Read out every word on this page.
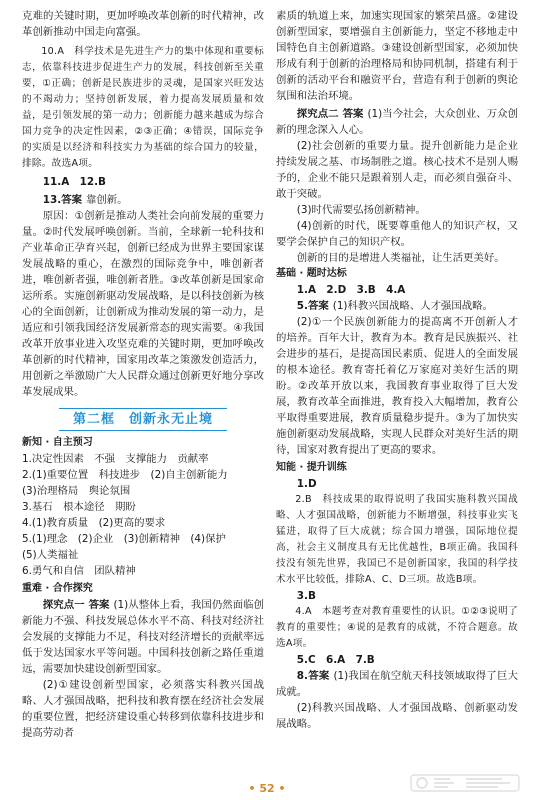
克难的关键时期，更加呼唤改革创新的时代精神，改革创新推动中国走向富强。

10.A　科学技术是先进生产力的集中体现和重要标志，依靠科技进步促进生产力的发展，科技创新至关重要，①正确；创新是民族进步的灵魂，是国家兴旺发达的不竭动力；坚持创新发展，着力提高发展质量和效益，是引领发展的第一动力；创新能力越来越成为综合国力竞争的决定性因素，②③正确；④错误，国际竞争的实质是以经济和科技实力为基础的综合国力的较量，排除。故选A项。

11.A　12.B

13.答案 靠创新。

原因：①创新是推动人类社会向前发展的重要力量。②时代发展呼唤创新。当前，全球新一轮科技和产业革命正孕育兴起，创新已经成为世界主要国家谋发展战略的重心，在激烈的国际竞争中，唯创新者进，唯创新者强，唯创新者胜。③改革创新是国家命运所系。实施创新驱动发展战略，是以科技创新为核心的全面创新，让创新成为推动发展的第一动力，是适应和引领我国经济发展新常态的现实需要。④我国改革开放事业进入攻坚克难的关键时期，更加呼唤改革创新的时代精神，国家用改革之策激发创造活力，用创新之举激励广大人民群众通过创新更好地分享改革发展成果。

第二框　创新永无止境

新知 · 自主预习

1.决定性因素　不强　支撑能力　贡献率

2.(1)重要位置　科技进步　(2)自主创新能力

(3)治理格局　舆论氛围

3.基石　根本途径　期盼

4.(1)教育质量　(2)更高的要求

5.(1)理念　(2)企业　(3)创新精神　(4)保护

(5)人类福祉

6.勇气和自信　团队精神

重难 · 合作探究

探究点一 答案 (1)从整体上看，我国仍然面临创新能力不强、科技发展总体水平不高、科技对经济社会发展的支撑能力不足，科技对经济增长的贡献率远低于发达国家水平等问题。中国科技创新之路任重道远，需要加快建设创新型国家。

(2)①建设创新型国家，必须落实科教兴国战略、人才强国战略，把科技和教育摆在经济社会发展的重要位置，把经济建设重心转移到依靠科技进步和提高劳动者

素质的轨道上来，加速实现国家的繁荣昌盛。②建设创新型国家，要增强自主创新能力，坚定不移地走中国特色自主创新道路。③建设创新型国家，必须加快形成有利于创新的治理格局和协同机制，搭建有利于创新的活动平台和融资平台，营造有利于创新的舆论氛围和法治环境。

探究点二 答案 (1)当今社会，大众创业、万众创新的理念深入人心。

(2)社会创新的重要力量。提升创新能力是企业持续发展之基、市场制胜之道。核心技术不是别人赐予的，企业不能只是跟着别人走，而必须自强奋斗、敢于突破。

(3)时代需要弘扬创新精神。

(4)创新的时代，既要尊重他人的知识产权，又要学会保护自己的知识产权。

创新的目的是增进人类福祉，让生活更美好。

基础 · 题时达标

1.A　2.D　3.B　4.A

5.答案 (1)科教兴国战略、人才强国战略。

(2)①一个民族创新能力的提高离不开创新人才的培养。百年大计，教育为本。教育是民族振兴、社会进步的基石，是提高国民素质、促进人的全面发展的根本途径。教育寄托着亿万家庭对美好生活的期盼。②改革开放以来，我国教育事业取得了巨大发展，教育改革全面推进，教育投入大幅增加，教育公平取得重要进展，教育质量稳步提升。③为了加快实施创新驱动发展战略，实现人民群众对美好生活的期待，国家对教育提出了更高的要求。

知能 · 提升训练

1.D

2.B　科技成果的取得说明了我国实施科教兴国战略、人才强国战略，创新能力不断增强，科技事业实飞猛进，取得了巨大成就；综合国力增强，国际地位提高，社会主义制度具有无比优越性，B项正确。我国科技没有领先世界，我国已不是创新国家，我国的科学技术水平比较低，排除A、C、D三项。故选B项。

3.B

4.A　本题考查对教育重要性的认识。①②③说明了教育的重要性；④说的是教育的成就，不符合题意。故选A项。

5.C　6.A　7.B

8.答案 (1)我国在航空航天科技领域取得了巨大成就。

(2)科教兴国战略、人才强国战略、创新驱动发展战略。

• 52 •
